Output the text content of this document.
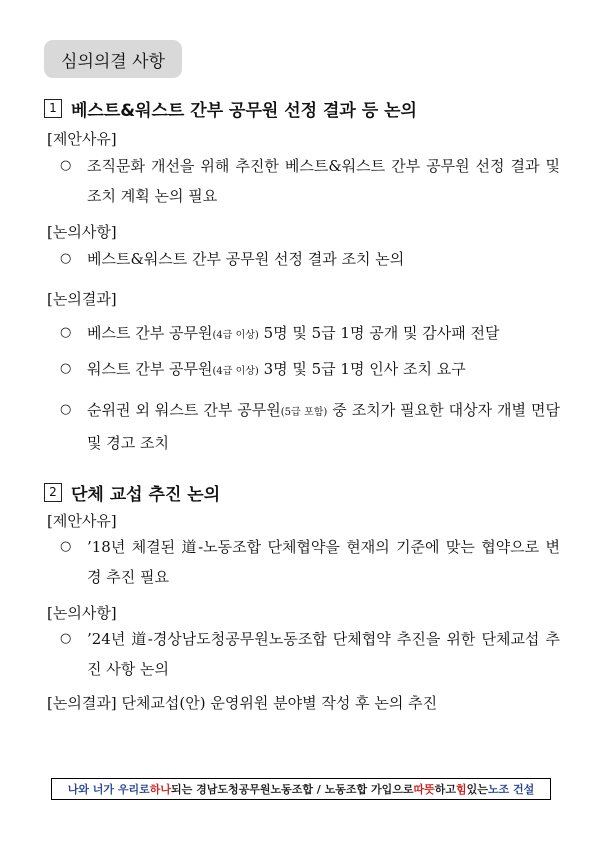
심의의결 사항
1 베스트&워스트 간부 공무원 선정 결과 등 논의
[제안사유]
○	조직문화 개선을 위해 추진한 베스트&워스트 간부 공무원 선정 결과 및 조치 계획 논의 필요
[논의사항]
○	베스트&워스트 간부 공무원 선정 결과 조치 논의
[논의결과]
○	베스트 간부 공무원(4급 이상) 5명 및 5급 1명 공개 및 감사패 전달
○	워스트 간부 공무원(4급 이상) 3명 및 5급 1명 인사 조치 요구
○	순위권 외 워스트 간부 공무원(5급 포함) 중 조치가 필요한 대상자 개별 면담 및 경고 조치
2 단체 교섭 추진 논의
[제안사유]
○	’18년 체결된 道-노동조합 단체협약을 현재의 기준에 맞는 협약으로 변경 추진 필요
[논의사항]
○	’24년 道-경상남도청공무원노동조합 단체협약 추진을 위한 단체교섭 추진 사항 논의
[논의결과] 단체교섭(안) 운영위원 분야별 작성 후 논의 추진
나와 너가 우리로 하나 되는 경남도청공무원노동조합 / 노동조합 가입으로 따뜻 하고 힘 있는 노조 건설
